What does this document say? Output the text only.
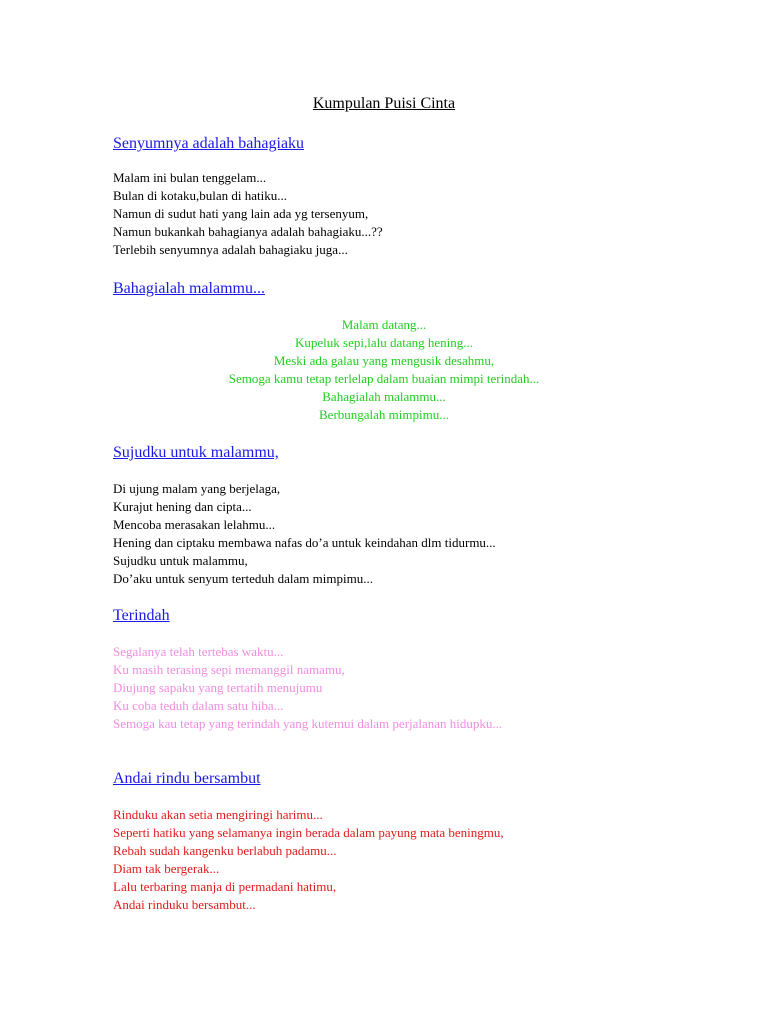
Kumpulan Puisi Cinta
Senyumnya adalah bahagiaku
Malam ini bulan tenggelam...
Bulan di kotaku,bulan di hatiku...
Namun di sudut hati yang lain ada yg tersenyum,
Namun bukankah bahagianya adalah bahagiaku...??
Terlebih senyumnya adalah bahagiaku juga...
Bahagialah malammu...
Malam datang...
Kupeluk sepi,lalu datang hening...
Meski ada galau yang mengusik desahmu,
Semoga kamu tetap terlelap dalam buaian mimpi terindah...
Bahagialah malammu...
Berbungalah mimpimu...
Sujudku untuk malammu,
Di ujung malam yang berjelaga,
Kurajut hening dan cipta...
Mencoba merasakan lelahmu...
Hening dan ciptaku membawa nafas do’a untuk keindahan dlm tidurmu...
Sujudku untuk malammu,
Do’aku untuk senyum terteduh dalam mimpimu...
Terindah
Segalanya telah tertebas waktu...
Ku masih terasing sepi memanggil namamu,
Diujung sapaku yang tertatih menujumu
Ku coba teduh dalam satu hiba...
Semoga kau tetap yang terindah yang kutemui dalam perjalanan hidupku...
Andai rindu bersambut
Rinduku akan setia mengiringi harimu...
Seperti hatiku yang selamanya ingin berada dalam payung mata beningmu,
Rebah sudah kangenku berlabuh padamu...
Diam tak bergerak...
Lalu terbaring manja di permadani hatimu,
Andai rinduku bersambut...
